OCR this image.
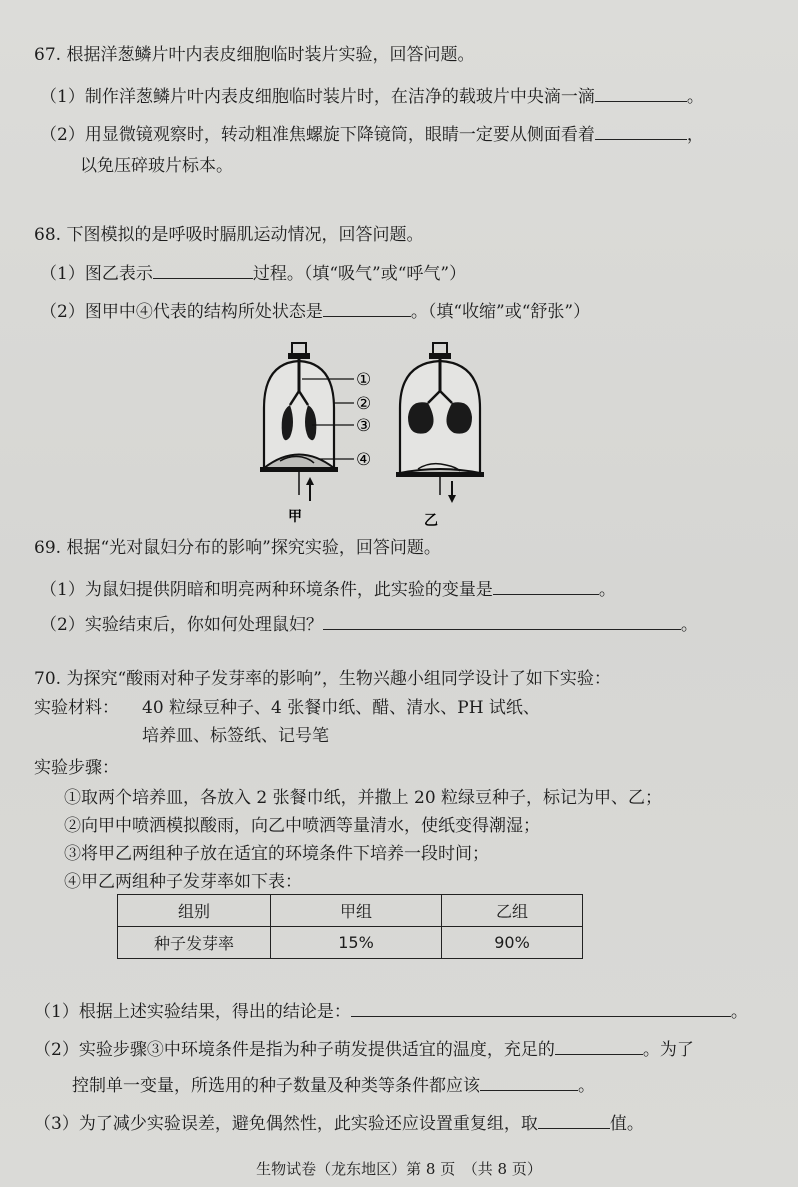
67. 根据洋葱鳞片叶内表皮细胞临时装片实验，回答问题。
（1）制作洋葱鳞片叶内表皮细胞临时装片时，在洁净的载玻片中央滴一滴	。
（2）用显微镜观察时，转动粗准焦螺旋下降镜筒，眼睛一定要从侧面看着	，
以免压碎玻片标本。
68. 下图模拟的是呼吸时膈肌运动情况，回答问题。
（1）图乙表示	过程。（填“吸气”或“呼气”）
（2）图甲中④代表的结构所处状态是	。（填“收缩”或“舒张”）
①
②
③
④
甲	乙
69. 根据“光对鼠妇分布的影响”探究实验，回答问题。
（1）为鼠妇提供阴暗和明亮两种环境条件，此实验的变量是	。
（2）实验结束后，你如何处理鼠妇？	。
70. 为探究“酸雨对种子发芽率的影响”，生物兴趣小组同学设计了如下实验：
实验材料： 40 粒绿豆种子、4 张餐巾纸、醋、清水、PH 试纸、
培养皿、标签纸、记号笔
实验步骤：
①取两个培养皿，各放入 2 张餐巾纸，并撒上 20 粒绿豆种子，标记为甲、乙；
②向甲中喷洒模拟酸雨，向乙中喷洒等量清水，使纸变得潮湿；
③将甲乙两组种子放在适宜的环境条件下培养一段时间；
④甲乙两组种子发芽率如下表：
组别	甲组	乙组
种子发芽率	15%	90%
（1）根据上述实验结果，得出的结论是：	。
（2）实验步骤③中环境条件是指为种子萌发提供适宜的温度，充足的	。为了
控制单一变量，所选用的种子数量及种类等条件都应该	。
（3）为了减少实验误差，避免偶然性，此实验还应设置重复组，取	值。
生物试卷（龙东地区）第 8 页　（共 8 页）
